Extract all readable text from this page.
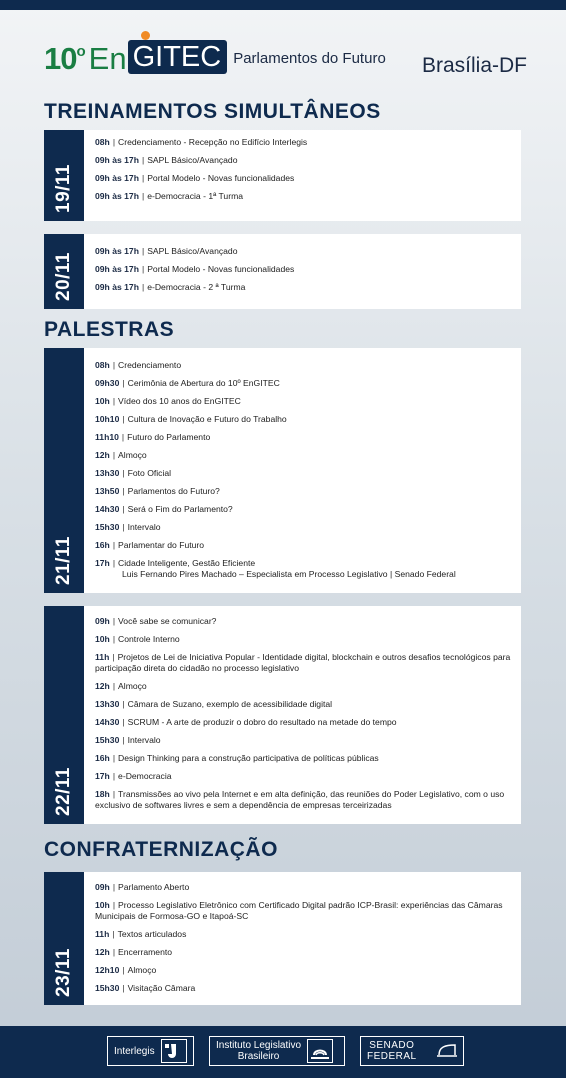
10$^o$ En GITEC Parlamentos do Futuro Brasília-DF
TREINAMENTOS SIMULTÂNEOS
19/11
08h | Credenciamento - Recepção no Edifício Interlegis
09h às 17h | SAPL Básico/Avançado
09h às 17h | Portal Modelo - Novas funcionalidades
09h às 17h | e-Democracia - 1ª Turma
20/11
09h às 17h | SAPL Básico/Avançado
09h às 17h | Portal Modelo - Novas funcionalidades
09h às 17h | e-Democracia - 2 ª Turma
PALESTRAS
21/11
08h | Credenciamento
09h30 | Cerimônia de Abertura do 10º EnGITEC
10h | Vídeo dos 10 anos do EnGITEC
10h10 | Cultura de Inovação e Futuro do Trabalho
11h10 | Futuro do Parlamento
12h | Almoço
13h30 | Foto Oficial
13h50 | Parlamentos do Futuro?
14h30 | Será o Fim do Parlamento?
15h30 | Intervalo
16h | Parlamentar do Futuro
17h | Cidade Inteligente, Gestão Eficiente
Luis Fernando Pires Machado – Especialista em Processo Legislativo | Senado Federal
22/11
09h | Você sabe se comunicar?
10h | Controle Interno
11h | Projetos de Lei de Iniciativa Popular - Identidade digital, blockchain e outros desafios tecnológicos para participação direta do cidadão no processo legislativo
12h | Almoço
13h30 | Câmara de Suzano, exemplo de acessibilidade digital
14h30 | SCRUM - A arte de produzir o dobro do resultado na metade do tempo
15h30 | Intervalo
16h | Design Thinking para a construção participativa de políticas públicas
17h | e-Democracia
18h | Transmissões ao vivo pela Internet e em alta definição, das reuniões do Poder Legislativo, com o uso exclusivo de softwares livres e sem a dependência de empresas terceirizadas
CONFRATERNIZAÇÃO
23/11
09h | Parlamento Aberto
10h | Processo Legislativo Eletrônico com Certificado Digital padrão ICP-Brasil: experiências das Câmaras Municipais de Formosa-GO e Itapoá-SC
11h | Textos articulados
12h | Encerramento
12h10 | Almoço
15h30 | Visitação Câmara
Interlegis	Instituto Legislativo
Brasileiro
SENADO
FEDERAL
